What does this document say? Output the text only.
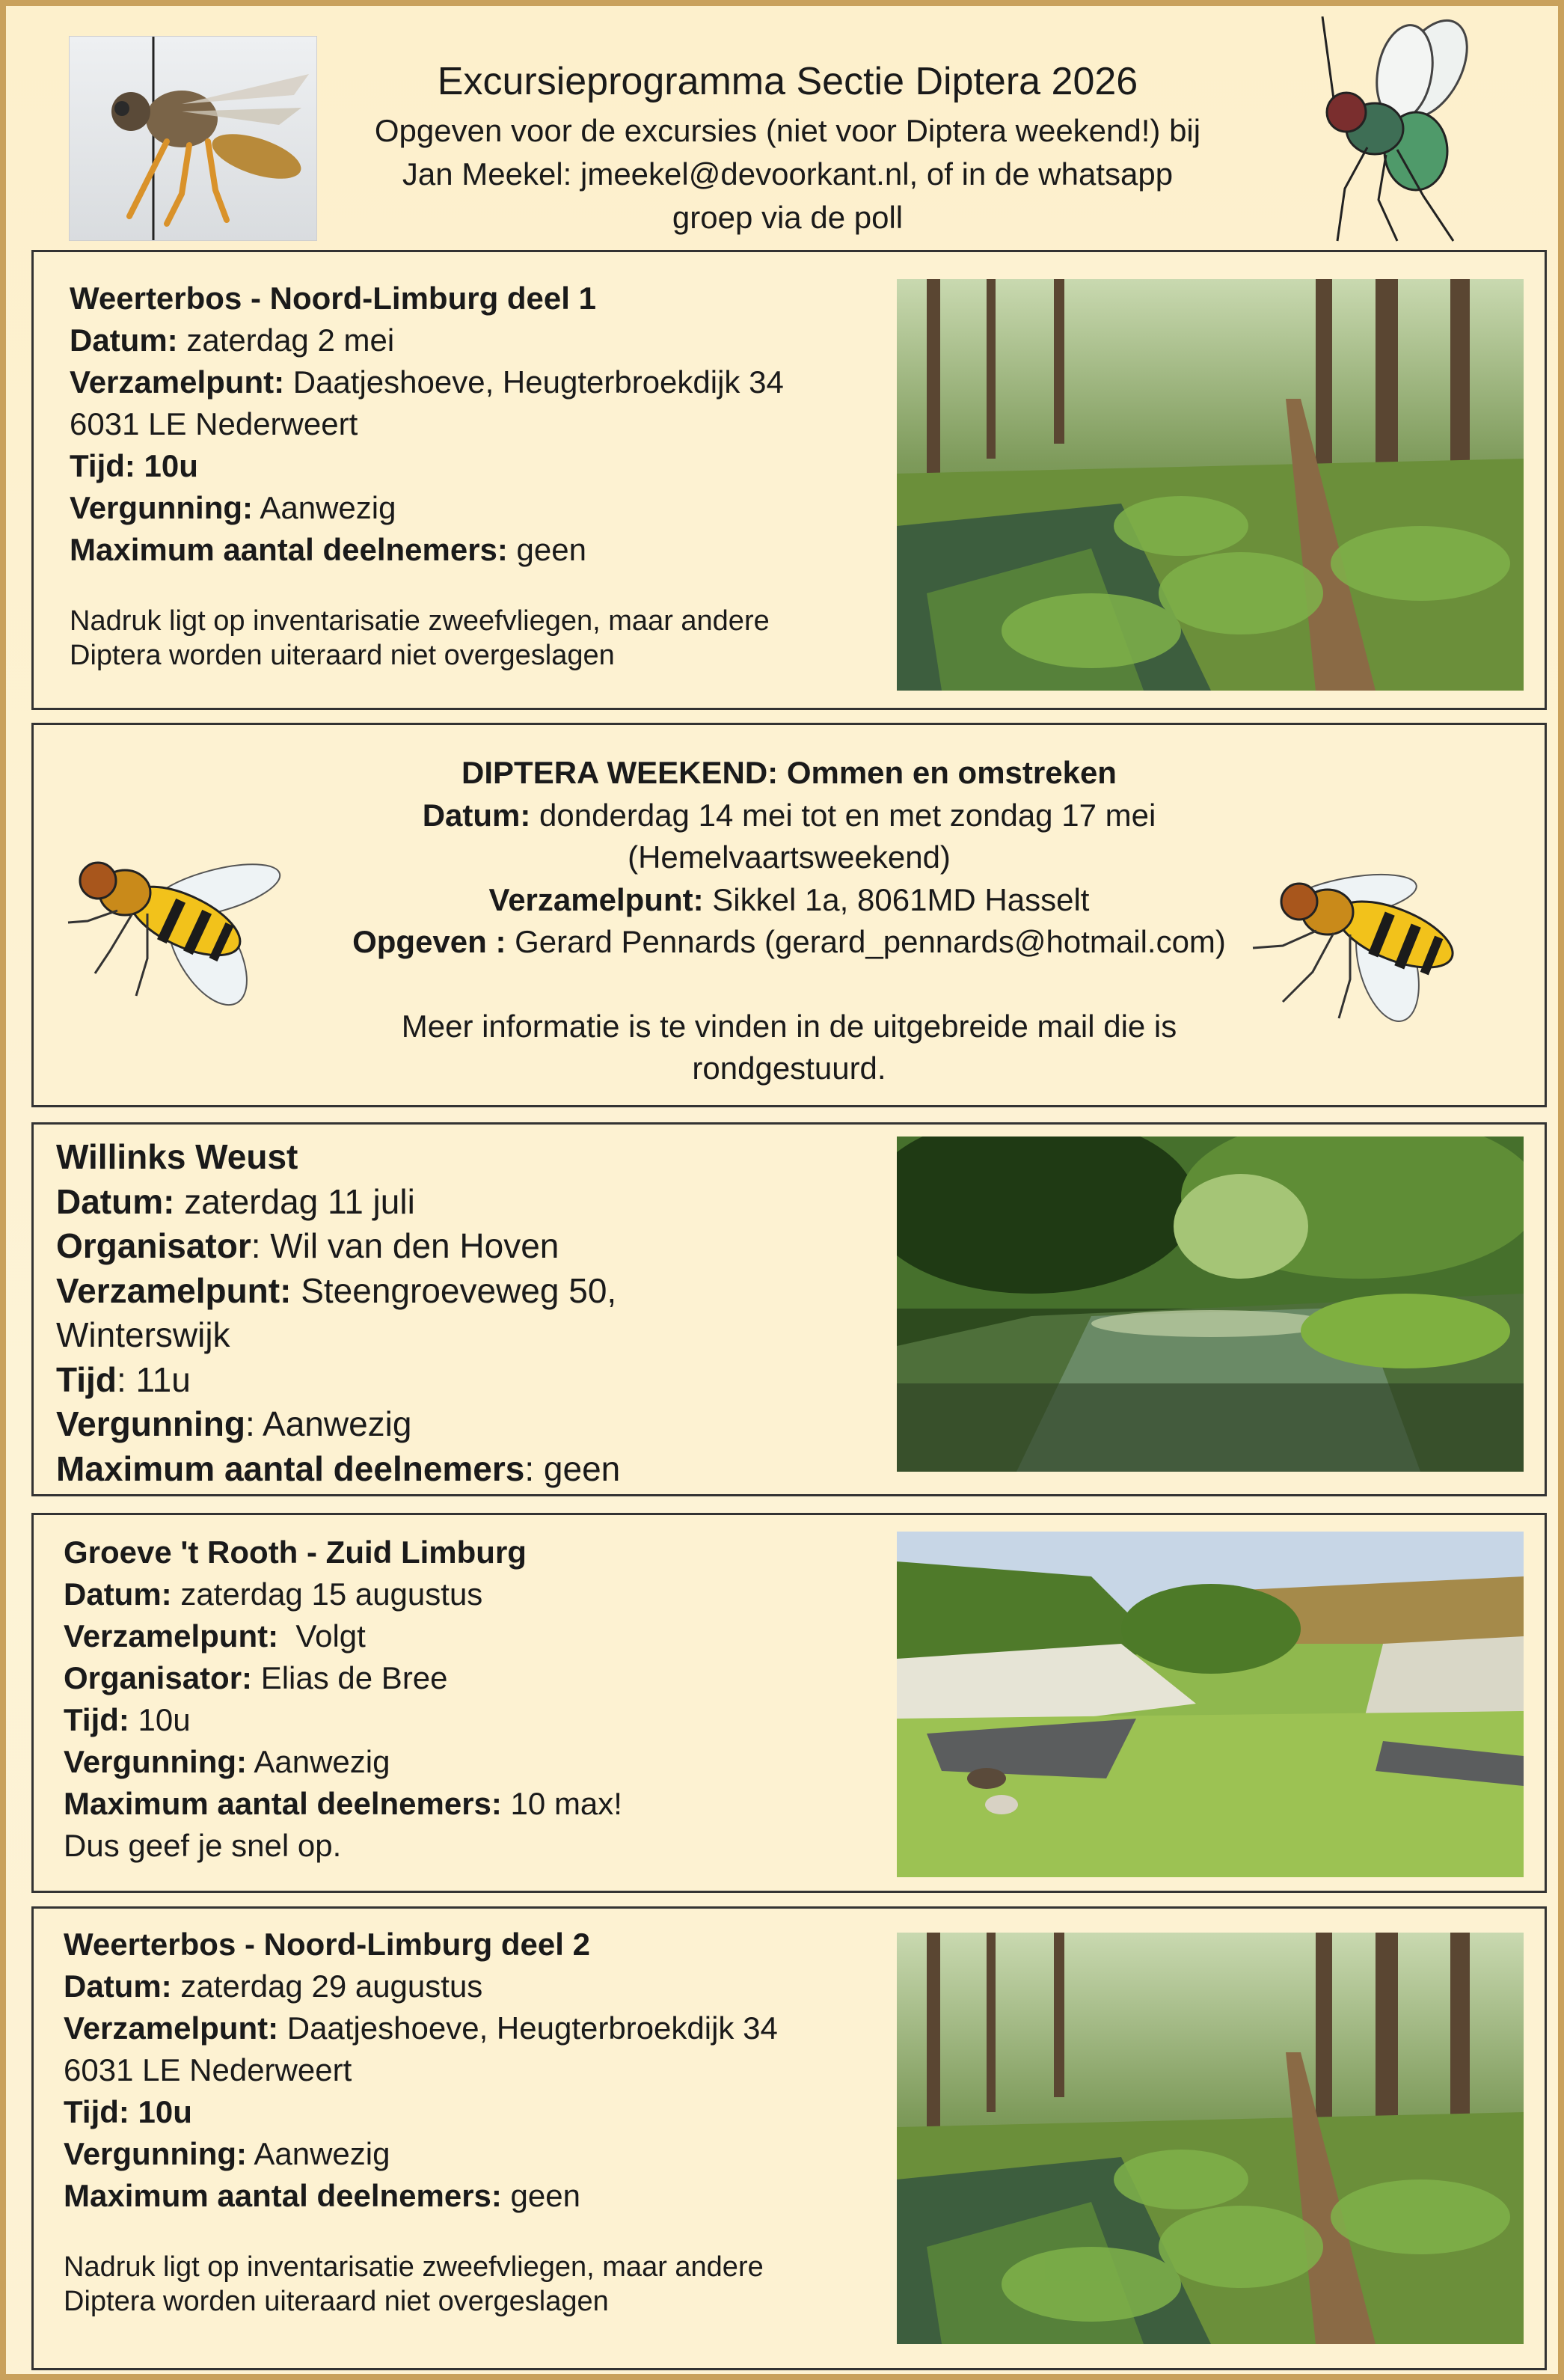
Excursieprogramma Sectie Diptera 2026
Opgeven voor de excursies (niet voor Diptera weekend!) bij
Jan Meekel: jmeekel@devoorkant.nl, of in de whatsapp
groep via de poll
Weerterbos - Noord-Limburg deel 1
Datum: zaterdag 2 mei
Verzamelpunt: Daatjeshoeve, Heugterbroekdijk 34
6031 LE Nederweert
Tijd: 10u
Vergunning: Aanwezig
Maximum aantal deelnemers: geen
Nadruk ligt op inventarisatie zweefvliegen, maar andere
Diptera worden uiteraard niet overgeslagen
DIPTERA WEEKEND: Ommen en omstreken
Datum: donderdag 14 mei tot en met zondag 17 mei
(Hemelvaartsweekend)
Verzamelpunt: Sikkel 1a, 8061MD Hasselt
Opgeven : Gerard Pennards (gerard_pennards@hotmail.com)
Meer informatie is te vinden in de uitgebreide mail die is
rondgestuurd.
Willinks Weust
Datum: zaterdag 11 juli
Organisator: Wil van den Hoven
Verzamelpunt: Steengroeveweg 50,
Winterswijk
Tijd: 11u
Vergunning: Aanwezig
Maximum aantal deelnemers: geen
Groeve 't Rooth - Zuid Limburg
Datum: zaterdag 15 augustus
Verzamelpunt:  Volgt
Organisator: Elias de Bree
Tijd: 10u
Vergunning: Aanwezig
Maximum aantal deelnemers: 10 max!
Dus geef je snel op.
Weerterbos - Noord-Limburg deel 2
Datum: zaterdag 29 augustus
Verzamelpunt: Daatjeshoeve, Heugterbroekdijk 34
6031 LE Nederweert
Tijd: 10u
Vergunning: Aanwezig
Maximum aantal deelnemers: geen
Nadruk ligt op inventarisatie zweefvliegen, maar andere
Diptera worden uiteraard niet overgeslagen
